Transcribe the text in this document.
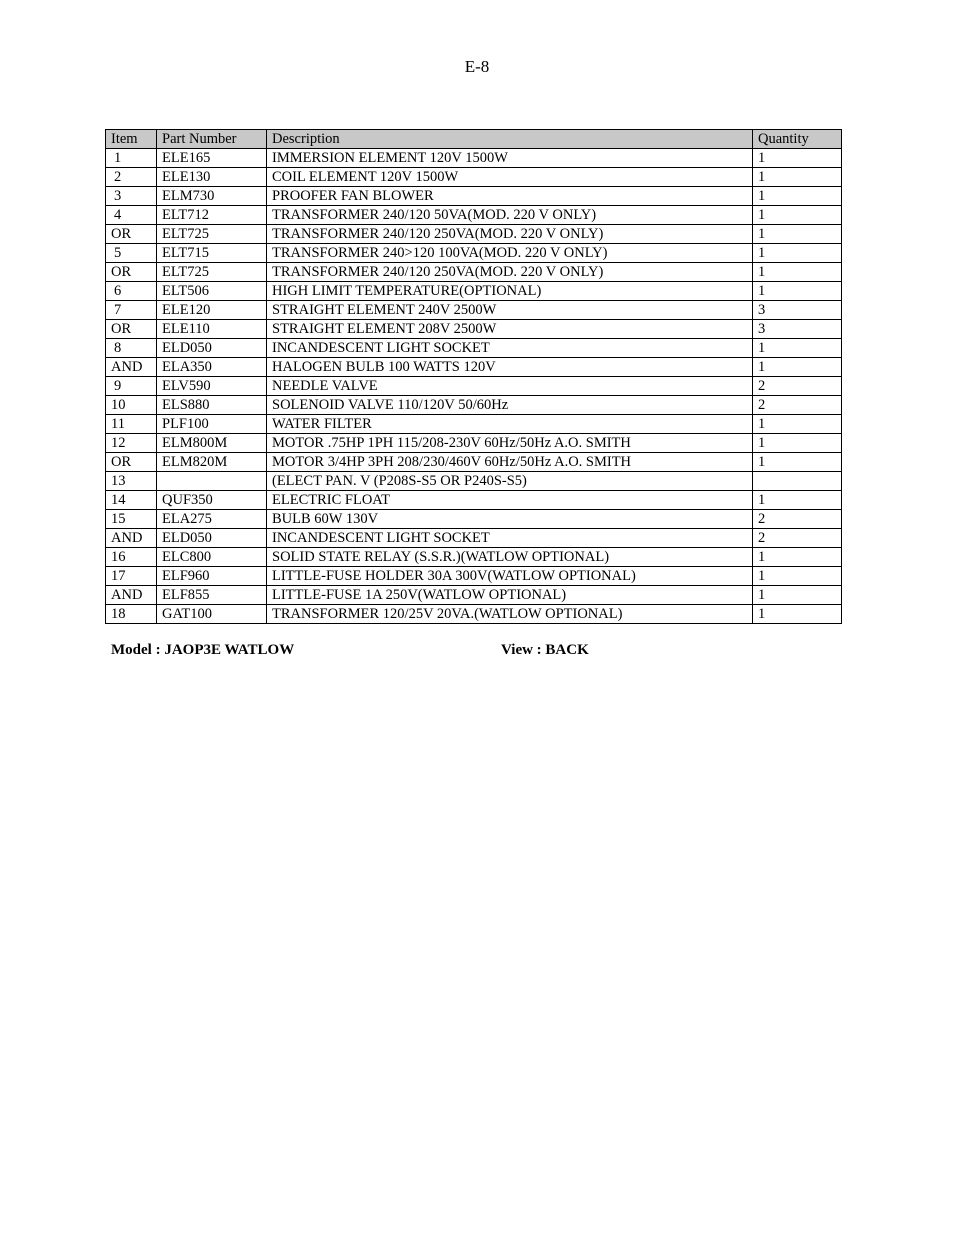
E-8
Item	Part Number	Description	Quantity
1	ELE165	IMMERSION ELEMENT 120V 1500W	1
2	ELE130	COIL ELEMENT 120V 1500W	1
3	ELM730	PROOFER FAN BLOWER	1
4	ELT712	TRANSFORMER 240/120 50VA(MOD. 220 V ONLY)	1
OR	ELT725	TRANSFORMER 240/120 250VA(MOD. 220 V ONLY)	1
5	ELT715	TRANSFORMER 240>120 100VA(MOD. 220 V ONLY)	1
OR	ELT725	TRANSFORMER 240/120 250VA(MOD. 220 V ONLY)	1
6	ELT506	HIGH LIMIT TEMPERATURE(OPTIONAL)	1
7	ELE120	STRAIGHT ELEMENT 240V 2500W	3
OR	ELE110	STRAIGHT ELEMENT 208V 2500W	3
8	ELD050	INCANDESCENT LIGHT SOCKET	1
AND	ELA350	HALOGEN BULB 100 WATTS 120V	1
9	ELV590	NEEDLE VALVE	2
10	ELS880	SOLENOID VALVE 110/120V 50/60Hz	2
11	PLF100	WATER FILTER	1
12	ELM800M	MOTOR .75HP 1PH 115/208-230V 60Hz/50Hz A.O. SMITH	1
OR	ELM820M	MOTOR 3/4HP 3PH 208/230/460V 60Hz/50Hz A.O. SMITH	1
13		(ELECT PAN. V (P208S-S5 OR P240S-S5)	
14	QUF350	ELECTRIC FLOAT	1
15	ELA275	BULB 60W 130V	2
AND	ELD050	INCANDESCENT LIGHT SOCKET	2
16	ELC800	SOLID STATE RELAY (S.S.R.)(WATLOW OPTIONAL)	1
17	ELF960	LITTLE-FUSE HOLDER 30A 300V(WATLOW OPTIONAL)	1
AND	ELF855	LITTLE-FUSE 1A 250V(WATLOW OPTIONAL)	1
18	GAT100	TRANSFORMER 120/25V 20VA.(WATLOW OPTIONAL)	1
Model : JAOP3E WATLOW	View : BACK
